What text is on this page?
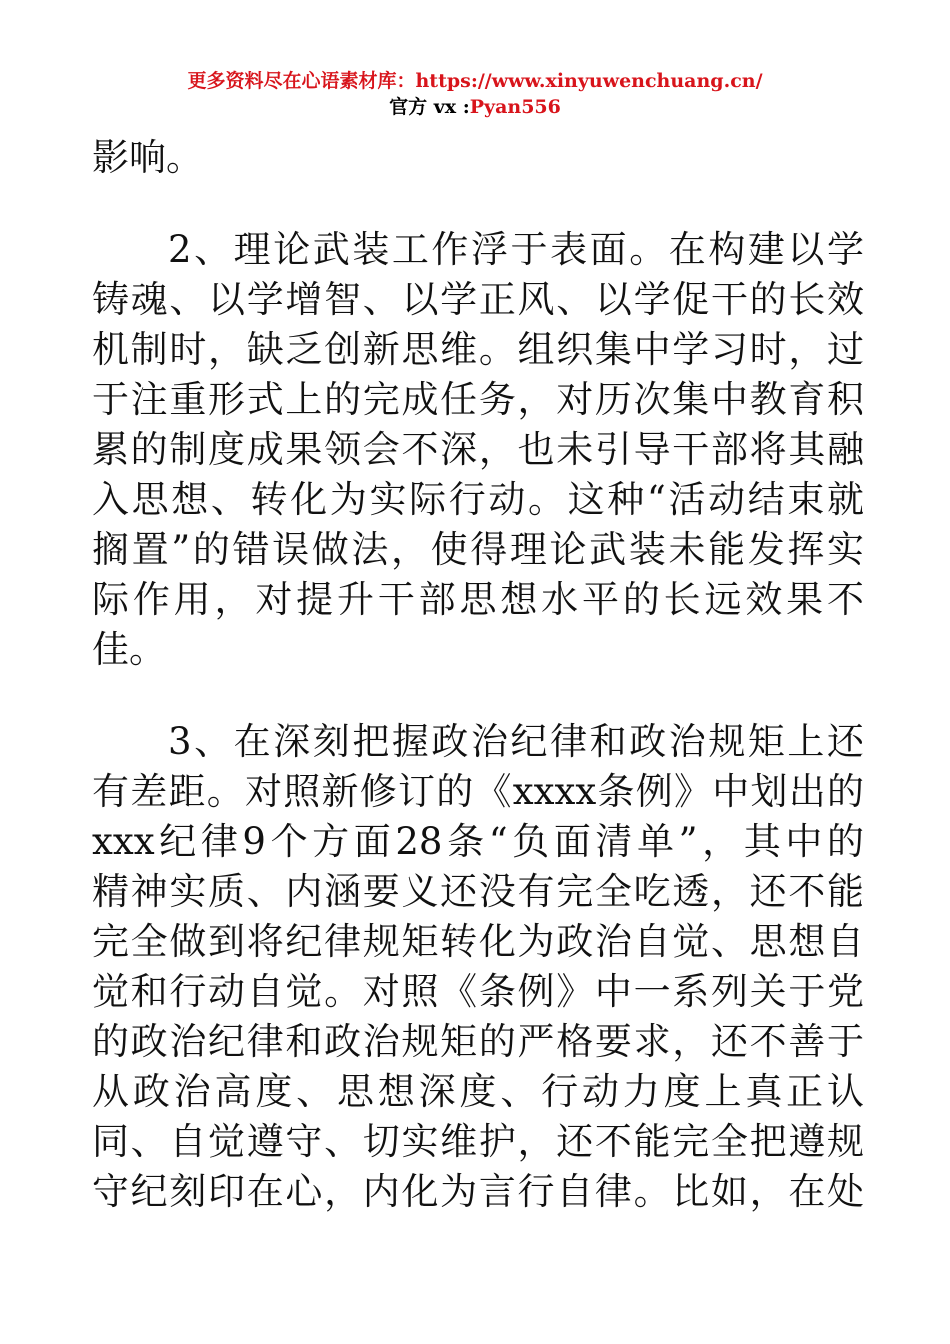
更多资料尽在心语素材库：https://www.xinyuwenchuang.cn/
官方 vx :Pyan556
影响。
2、理论武装工作浮于表面。在构建以学
铸魂、以学增智、以学正风、以学促干的长效
机制时，缺乏创新思维。组织集中学习时，过
于注重形式上的完成任务，对历次集中教育积
累的制度成果领会不深，也未引导干部将其融
入思想、转化为实际行动。这种“活动结束就
搁置”的错误做法，使得理论武装未能发挥实
际作用，对提升干部思想水平的长远效果不
佳。
3、在深刻把握政治纪律和政治规矩上还
有差距。对照新修订的《xxxx条例》中划出的
xxx纪律9个方面28条“负面清单”，其中的
精神实质、内涵要义还没有完全吃透，还不能
完全做到将纪律规矩转化为政治自觉、思想自
觉和行动自觉。对照《条例》中一系列关于党
的政治纪律和政治规矩的严格要求，还不善于
从政治高度、思想深度、行动力度上真正认
同、自觉遵守、切实维护，还不能完全把遵规
守纪刻印在心，内化为言行自律。比如，在处
